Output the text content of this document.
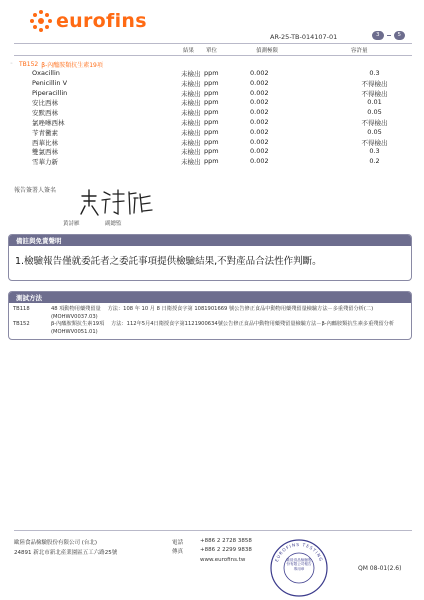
eurofins
AR-25-TB-014107-01	3	5
結果 單位	偵測極限	容許量
◦ TB152 β-內醯胺類抗生素19項
Oxacillin	未檢出 ppm	0.002	0.3
Penicillin V	未檢出 ppm	0.002	不得檢出
Piperacillin	未檢出 ppm	0.002	不得檢出
安比西林	未檢出 ppm	0.002	0.01
安默西林	未檢出 ppm	0.002	0.05
氯唑啉西林	未檢出 ppm	0.002	不得檢出
苄青黴素	未檢出 ppm	0.002	0.05
西華比林	未檢出 ppm	0.002	不得檢出
雙氯西林	未檢出 ppm	0.002	0.3
雪華力新	未檢出 ppm	0.002	0.2
報告簽署人簽名
黃詩雁	副總監
備註與免責聲明
1.檢驗報告僅就委託者之委託事項提供檢驗結果,不對產品合法性作判斷。
測試方法
TB118	48 項動物用藥殘留量　 方法：108 年 10 月 8 日衛授食字第 1081901669 號公告修正食品中動物用藥殘留量檢驗方法－多重殘留分析(二)(MOHWV0037.03)
TB152	β-內醯胺類抗生素19項　 方法：112年5月4日衛授食字第1121900634號公告修正食品中動物用藥殘留量檢驗方法－β-內醯胺類抗生素多重殘留分析(MOHWV0051.01)
歐陸食品檢驗股份有限公司 (台北)
24891 新北市新北產業園區五工六路25號
電話	+886 2 2728 3858
傳真	+886 2 2299 9838
www.eurofins.tw	EUROFINS TESTING
歐陸食品檢驗股份有限公司報告專用章	QM 08-01(2.6)
